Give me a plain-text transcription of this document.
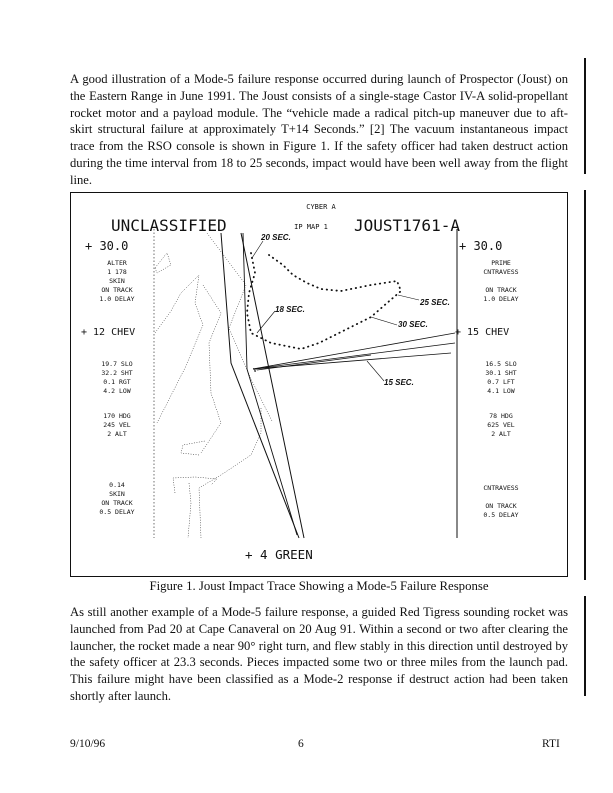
A good illustration of a Mode-5 failure response occurred during launch of Prospector (Joust) on the Eastern Range in June 1991. The Joust consists of a single-stage Castor IV-A solid-propellant rocket motor and a payload module. The “vehicle made a radical pitch-up maneuver due to aft-skirt structural failure at approximately T+14 Seconds.” [2] The vacuum instantaneous impact trace from the RSO console is shown in Figure 1. If the safety officer had taken destruct action during the time interval from 18 to 25 seconds, impact would have been well away from the flight line.

CYBER A
IP MAP 1
UNCLASSIFIED	JOUST1761-A
+ 30.0
ALTER
1 178
SKIN
ON TRACK
1.0 DELAY
+ 12 CHEV
19.7 SLO
32.2 SHT
0.1 RGT
4.2 LOW
170 HDG
245 VEL
2 ALT
0.14
SKIN
ON TRACK
0.5 DELAY
+ 30.0
PRIME
CNTRAVESS
ON TRACK
1.0 DELAY
+ 15 CHEV
16.5 SLO
30.1 SHT
0.7 LFT
4.1 LOW
78 HDG
625 VEL
2 ALT
CNTRAVESS
ON TRACK
0.5 DELAY
v
20 SEC.
18 SEC.
25 SEC.
30 SEC.
15 SEC.
+ 4 GREEN

Figure 1. Joust Impact Trace Showing a Mode-5 Failure Response

As still another example of a Mode-5 failure response, a guided Red Tigress sounding rocket was launched from Pad 20 at Cape Canaveral on 20 Aug 91. Within a second or two after clearing the launcher, the rocket made a near 90° right turn, and flew stably in this direction until destroyed by the safety officer at 23.3 seconds. Pieces impacted some two or three miles from the launch pad. This failure might have been classified as a Mode-2 response if destruct action had been taken shortly after launch.

9/10/96	6	RTI
